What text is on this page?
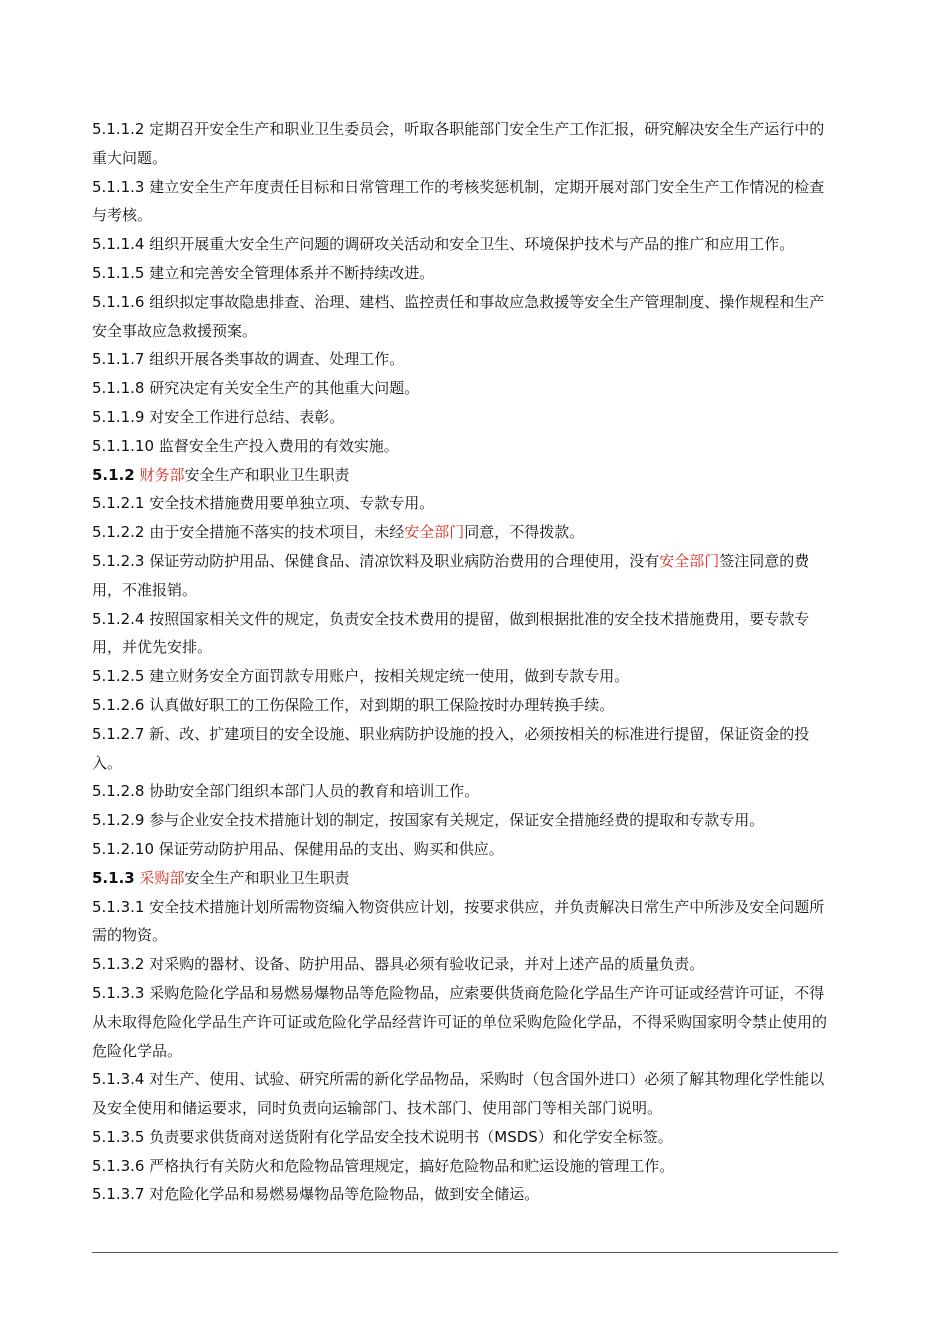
5.1.1.2 定期召开安全生产和职业卫生委员会，听取各职能部门安全生产工作汇报，研究解决安全生产运行中的重大问题。

5.1.1.3 建立安全生产年度责任目标和日常管理工作的考核奖惩机制，定期开展对部门安全生产工作情况的检查与考核。

5.1.1.4 组织开展重大安全生产问题的调研攻关活动和安全卫生、环境保护技术与产品的推广和应用工作。

5.1.1.5 建立和完善安全管理体系并不断持续改进。

5.1.1.6 组织拟定事故隐患排查、治理、建档、监控责任和事故应急救援等安全生产管理制度、操作规程和生产安全事故应急救援预案。

5.1.1.7 组织开展各类事故的调查、处理工作。

5.1.1.8 研究决定有关安全生产的其他重大问题。

5.1.1.9 对安全工作进行总结、表彰。

5.1.1.10 监督安全生产投入费用的有效实施。

5.1.2 财务部安全生产和职业卫生职责

5.1.2.1 安全技术措施费用要单独立项、专款专用。

5.1.2.2 由于安全措施不落实的技术项目，未经安全部门同意，不得拨款。

5.1.2.3 保证劳动防护用品、保健食品、清凉饮料及职业病防治费用的合理使用，没有安全部门签注同意的费用，不准报销。

5.1.2.4 按照国家相关文件的规定，负责安全技术费用的提留，做到根据批准的安全技术措施费用，要专款专用，并优先安排。

5.1.2.5 建立财务安全方面罚款专用账户，按相关规定统一使用，做到专款专用。

5.1.2.6 认真做好职工的工伤保险工作，对到期的职工保险按时办理转换手续。

5.1.2.7 新、改、扩建项目的安全设施、职业病防护设施的投入，必须按相关的标准进行提留，保证资金的投入。

5.1.2.8 协助安全部门组织本部门人员的教育和培训工作。

5.1.2.9 参与企业安全技术措施计划的制定，按国家有关规定，保证安全措施经费的提取和专款专用。

5.1.2.10 保证劳动防护用品、保健用品的支出、购买和供应。

5.1.3 采购部安全生产和职业卫生职责

5.1.3.1 安全技术措施计划所需物资编入物资供应计划，按要求供应，并负责解决日常生产中所涉及安全问题所需的物资。

5.1.3.2 对采购的器材、设备、防护用品、器具必须有验收记录，并对上述产品的质量负责。

5.1.3.3 采购危险化学品和易燃易爆物品等危险物品，应索要供货商危险化学品生产许可证或经营许可证，不得从未取得危险化学品生产许可证或危险化学品经营许可证的单位采购危险化学品，不得采购国家明令禁止使用的危险化学品。

5.1.3.4 对生产、使用、试验、研究所需的新化学品物品，采购时（包含国外进口）必须了解其物理化学性能以及安全使用和储运要求，同时负责向运输部门、技术部门、使用部门等相关部门说明。

5.1.3.5 负责要求供货商对送货附有化学品安全技术说明书（MSDS）和化学安全标签。

5.1.3.6 严格执行有关防火和危险物品管理规定，搞好危险物品和贮运设施的管理工作。

5.1.3.7 对危险化学品和易燃易爆物品等危险物品，做到安全储运。
